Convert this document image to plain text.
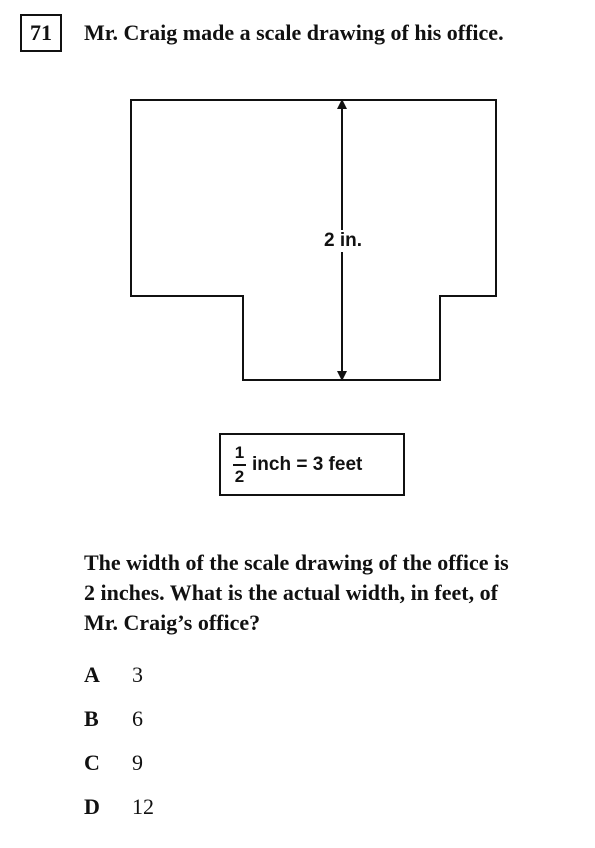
71 Mr. Craig made a scale drawing of his office.
2 in.
$\frac{1}{2}$ inch = 3 feet
The width of the scale drawing of the office is
2 inches. What is the actual width, in feet, of
Mr. Craig’s office?
A 3
B 6
C 9
D 12
